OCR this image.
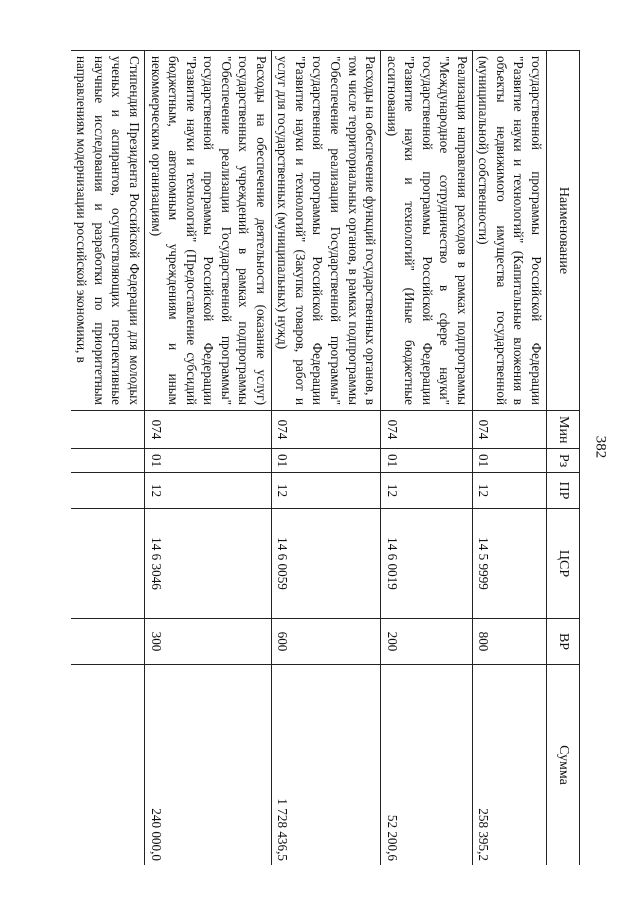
382
Наименование	Мин	Рз	ПР	ЦСР	ВР	Сумма
государственной программы Российской Федерации "Развитие науки и технологий" (Капитальные вложения в объекты недвижимого имущества государственной (муниципальной) собственности)	074	01	12	14 5 9999	800	258 395,2
Реализация направления расходов в рамках подпрограммы "Международное сотрудничество в сфере науки" государственной программы Российской Федерации "Развитие науки и технологий" (Иные бюджетные ассигнования)	074	01	12	14 6 0019	200	52 200,6
Расходы на обеспечение функций государственных органов, в том числе территориальных органов, в рамках подпрограммы "Обеспечение реализации Государственной программы" государственной программы Российской Федерации "Развитие науки и технологий" (Закупка товаров, работ и услуг для государственных (муниципальных) нужд)	074	01	12	14 6 0059	600	1 728 436,5
Расходы на обеспечение деятельности (оказание услуг) государственных учреждений в рамках подпрограммы "Обеспечение реализации Государственной программы" государственной программы Российской Федерации "Развитие науки и технологий" (Предоставление субсидий бюджетным, автономным учреждениям и иным некоммерческим организациям)	074	01	12	14 6 3046	300	240 000,0
Стипендия Президента Российской Федерации для молодых ученых и аспирантов, осуществляющих перспективные научные исследования и разработки по приоритетным направлениям модернизации российской экономики, в						
